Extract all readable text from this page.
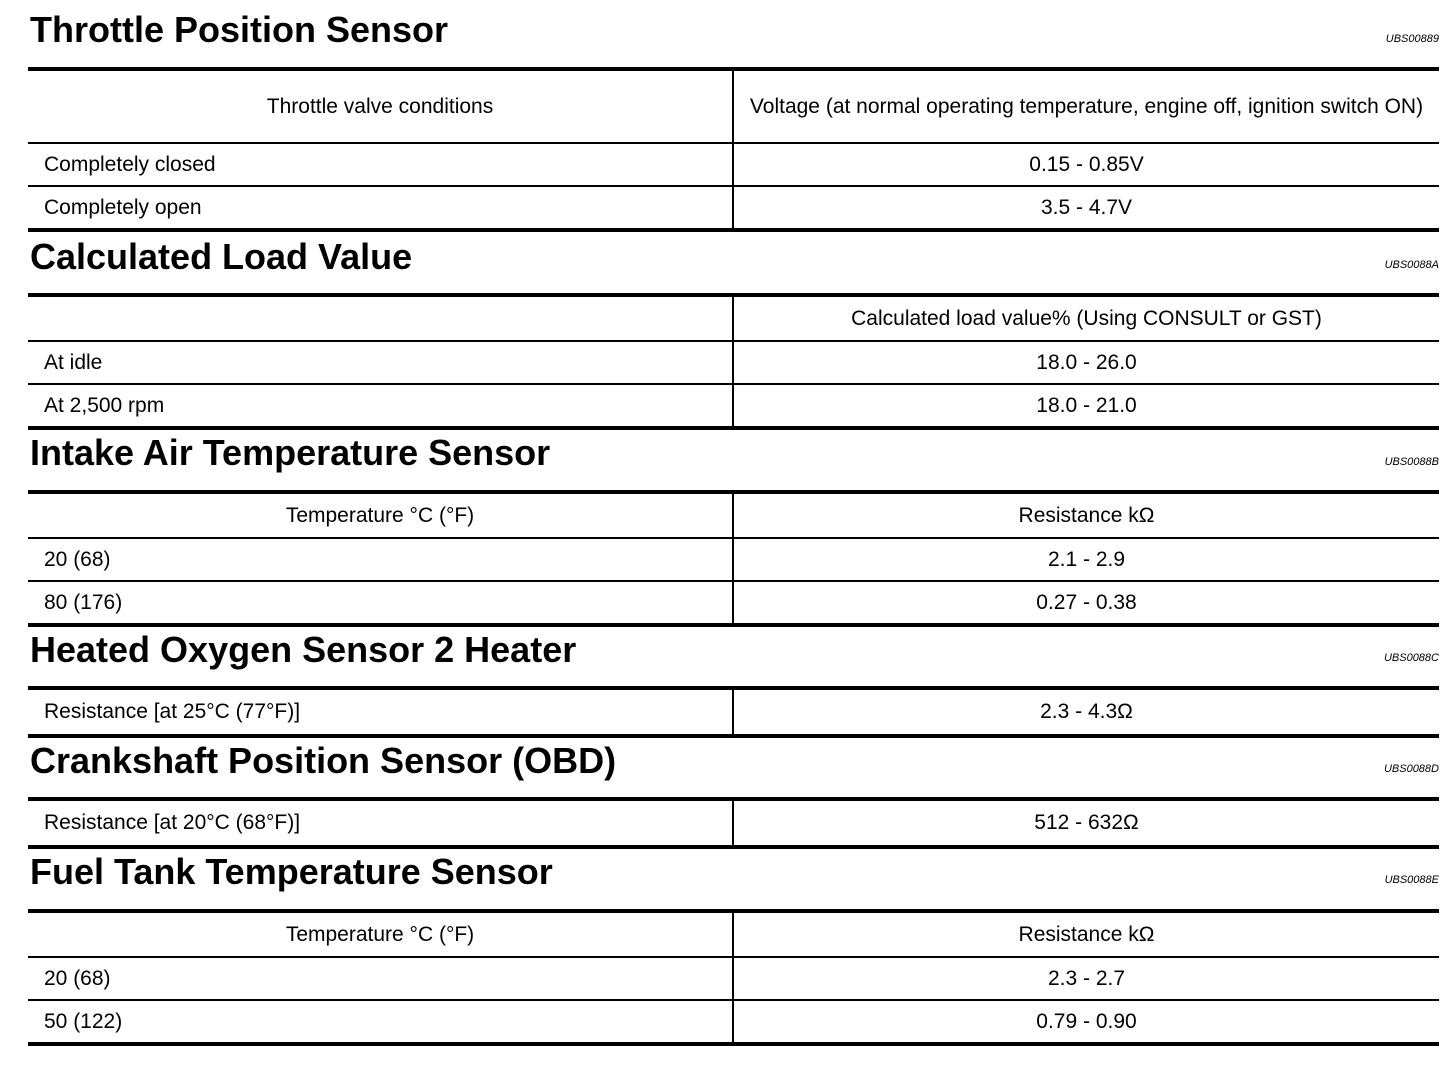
Throttle Position Sensor	UBS00889
Throttle valve conditions	Voltage (at normal operating temperature, engine off, ignition switch ON)
Completely closed	0.15 - 0.85V
Completely open	3.5 - 4.7V
Calculated Load Value	UBS0088A
	Calculated load value% (Using CONSULT or GST)
At idle	18.0 - 26.0
At 2,500 rpm	18.0 - 21.0
Intake Air Temperature Sensor	UBS0088B
Temperature °C (°F)	Resistance kΩ
20 (68)	2.1 - 2.9
80 (176)	0.27 - 0.38
Heated Oxygen Sensor 2 Heater	UBS0088C
Resistance [at 25°C (77°F)]	2.3 - 4.3Ω
Crankshaft Position Sensor (OBD)	UBS0088D
Resistance [at 20°C (68°F)]	512 - 632Ω
Fuel Tank Temperature Sensor	UBS0088E
Temperature °C (°F)	Resistance kΩ
20 (68)	2.3 - 2.7
50 (122)	0.79 - 0.90
